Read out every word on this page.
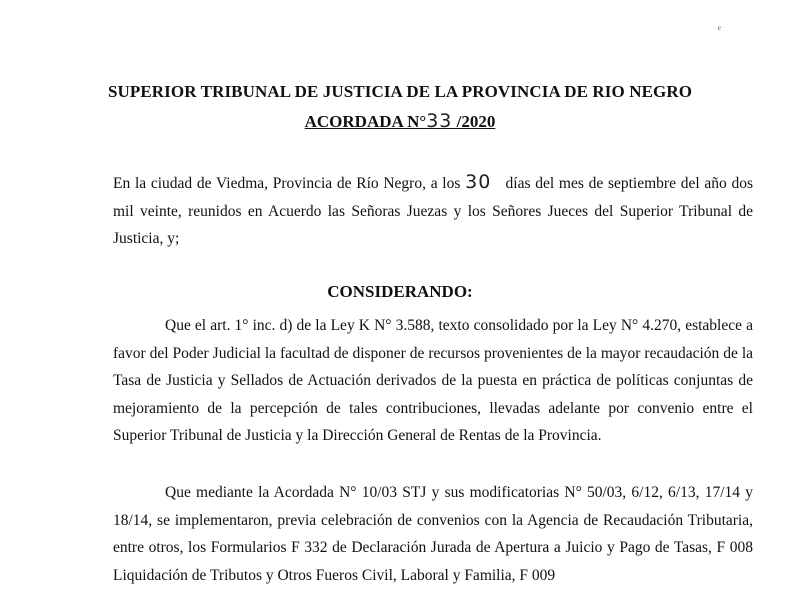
ₑ
SUPERIOR TRIBUNAL DE JUSTICIA DE LA PROVINCIA DE RIO NEGRO
ACORDADA N°33 /2020

En la ciudad de Viedma, Provincia de Río Negro, a los 30 días del mes de septiembre del año dos mil veinte, reunidos en Acuerdo las Señoras Juezas y los Señores Jueces del Superior Tribunal de Justicia, y;

CONSIDERANDO:

Que el art. 1° inc. d) de la Ley K N° 3.588, texto consolidado por la Ley N° 4.270, establece a favor del Poder Judicial la facultad de disponer de recursos provenientes de la mayor recaudación de la Tasa de Justicia y Sellados de Actuación derivados de la puesta en práctica de políticas conjuntas de mejoramiento de la percepción de tales contribuciones, llevadas adelante por convenio entre el Superior Tribunal de Justicia y la Dirección General de Rentas de la Provincia.

Que mediante la Acordada N° 10/03 STJ y sus modificatorias N° 50/03, 6/12, 6/13, 17/14 y 18/14, se implementaron, previa celebración de convenios con la Agencia de Recaudación Tributaria, entre otros, los Formularios F 332 de Declaración Jurada de Apertura a Juicio y Pago de Tasas, F 008 Liquidación de Tributos y Otros Fueros Civil, Laboral y Familia, F 009
